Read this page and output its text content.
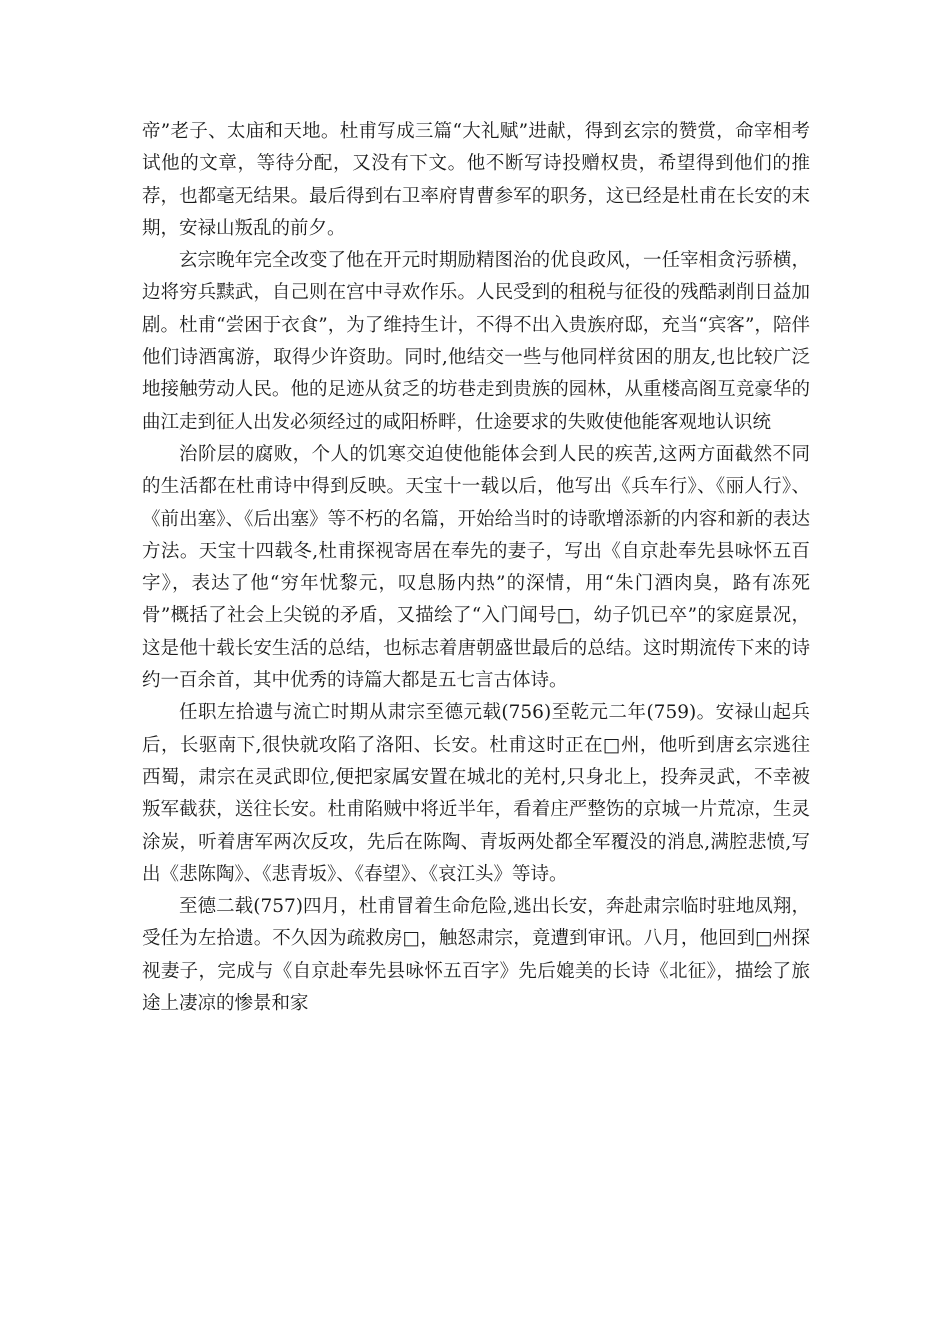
帝”老子、太庙和天地。杜甫写成三篇“大礼赋”进献，得到玄宗的赞赏，命宰相考试他的文章，等待分配，又没有下文。他不断写诗投赠权贵，希望得到他们的推荐，也都毫无结果。最后得到右卫率府胄曹参军的职务，这已经是杜甫在长安的末期，安禄山叛乱的前夕。

玄宗晚年完全改变了他在开元时期励精图治的优良政风，一任宰相贪污骄横，边将穷兵黩武，自己则在宫中寻欢作乐。人民受到的租税与征役的残酷剥削日益加剧。杜甫“尝困于衣食”，为了维持生计，不得不出入贵族府邸，充当“宾客”，陪伴他们诗酒寓游，取得少许资助。同时,他结交一些与他同样贫困的朋友,也比较广泛地接触劳动人民。他的足迹从贫乏的坊巷走到贵族的园林，从重楼高阁互竞豪华的曲江走到征人出发必须经过的咸阳桥畔，仕途要求的失败使他能客观地认识统

治阶层的腐败，个人的饥寒交迫使他能体会到人民的疾苦,这两方面截然不同的生活都在杜甫诗中得到反映。天宝十一载以后，他写出《兵车行》、《丽人行》、《前出塞》、《后出塞》等不朽的名篇，开始给当时的诗歌增添新的内容和新的表达方法。天宝十四载冬,杜甫探视寄居在奉先的妻子，写出《自京赴奉先县咏怀五百字》，表达了他“穷年忧黎元，叹息肠内热”的深情，用“朱门酒肉臭，路有冻死骨”概括了社会上尖锐的矛盾，又描绘了“入门闻号□，幼子饥已卒”的家庭景况，这是他十载长安生活的总结，也标志着唐朝盛世最后的总结。这时期流传下来的诗约一百余首，其中优秀的诗篇大都是五七言古体诗。

任职左拾遗与流亡时期从肃宗至德元载(756)至乾元二年(759)。安禄山起兵后，长驱南下,很快就攻陷了洛阳、长安。杜甫这时正在□州，他听到唐玄宗逃往西蜀，肃宗在灵武即位,便把家属安置在城北的羌村,只身北上，投奔灵武，不幸被叛军截获，送往长安。杜甫陷贼中将近半年，看着庄严整饬的京城一片荒凉，生灵涂炭，听着唐军两次反攻，先后在陈陶、青坂两处都全军覆没的消息,满腔悲愤,写出《悲陈陶》、《悲青坂》、《春望》、《哀江头》等诗。

至德二载(757)四月，杜甫冒着生命危险,逃出长安，奔赴肃宗临时驻地凤翔，受任为左拾遗。不久因为疏救房□，触怒肃宗，竟遭到审讯。八月，他回到□州探视妻子，完成与《自京赴奉先县咏怀五百字》先后媲美的长诗《北征》，描绘了旅途上凄凉的惨景和家
